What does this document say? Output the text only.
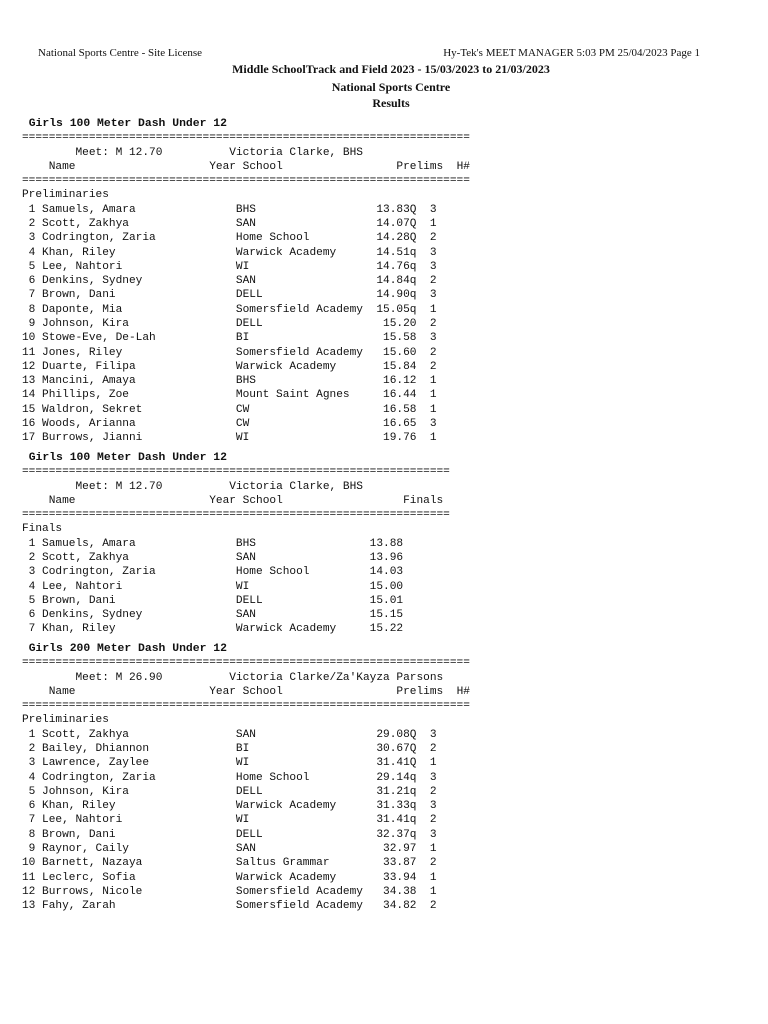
National Sports Centre - Site License	Hy-Tek's MEET MANAGER 5:03 PM 25/04/2023 Page 1
Middle SchoolTrack and Field 2023 - 15/03/2023 to 21/03/2023
National Sports Centre
Results
Girls 100 Meter Dash Under 12
===================================================================
Meet: M 12.70	Victoria Clarke, BHS
Name	Year School	Prelims H#
===================================================================
Preliminaries
1 Samuels, Amara               BHS                  13.83Q  3
2 Scott, Zakhya                SAN                  14.07Q  1
3 Codrington, Zaria            Home School          14.28Q  2
4 Khan, Riley                  Warwick Academy      14.51q  3
5 Lee, Nahtori                 WI                   14.76q  3
6 Denkins, Sydney              SAN                  14.84q  2
7 Brown, Dani                  DELL                 14.90q  3
8 Daponte, Mia                 Somersfield Academy  15.05q  1
9 Johnson, Kira                DELL                  15.20  2
10 Stowe-Eve, De-Lah            BI                    15.58  3
11 Jones, Riley                 Somersfield Academy   15.60  2
12 Duarte, Filipa               Warwick Academy       15.84  2
13 Mancini, Amaya               BHS                   16.12  1
14 Phillips, Zoe                Mount Saint Agnes     16.44  1
15 Waldron, Sekret              CW                    16.58  1
16 Woods, Arianna               CW                    16.65  3
17 Burrows, Jianni              WI                    19.76  1
Girls 100 Meter Dash Under 12
================================================================
Meet: M 12.70	Victoria Clarke, BHS
Name	Year School	Finals
================================================================
Finals
1 Samuels, Amara               BHS                 13.88
2 Scott, Zakhya                SAN                 13.96
3 Codrington, Zaria            Home School         14.03
4 Lee, Nahtori                 WI                  15.00
5 Brown, Dani                  DELL                15.01
6 Denkins, Sydney              SAN                 15.15
7 Khan, Riley                  Warwick Academy     15.22
Girls 200 Meter Dash Under 12
===================================================================
Meet: M 26.90	Victoria Clarke/Za'Kayza Parsons
Name	Year School	Prelims H#
===================================================================
Preliminaries
1 Scott, Zakhya                SAN                  29.08Q  3
2 Bailey, Dhiannon             BI                   30.67Q  2
3 Lawrence, Zaylee             WI                   31.41Q  1
4 Codrington, Zaria            Home School          29.14q  3
5 Johnson, Kira                DELL                 31.21q  2
6 Khan, Riley                  Warwick Academy      31.33q  3
7 Lee, Nahtori                 WI                   31.41q  2
8 Brown, Dani                  DELL                 32.37q  3
9 Raynor, Caily                SAN                   32.97  1
10 Barnett, Nazaya              Saltus Grammar        33.87  2
11 Leclerc, Sofia               Warwick Academy       33.94  1
12 Burrows, Nicole              Somersfield Academy   34.38  1
13 Fahy, Zarah                  Somersfield Academy   34.82  2
